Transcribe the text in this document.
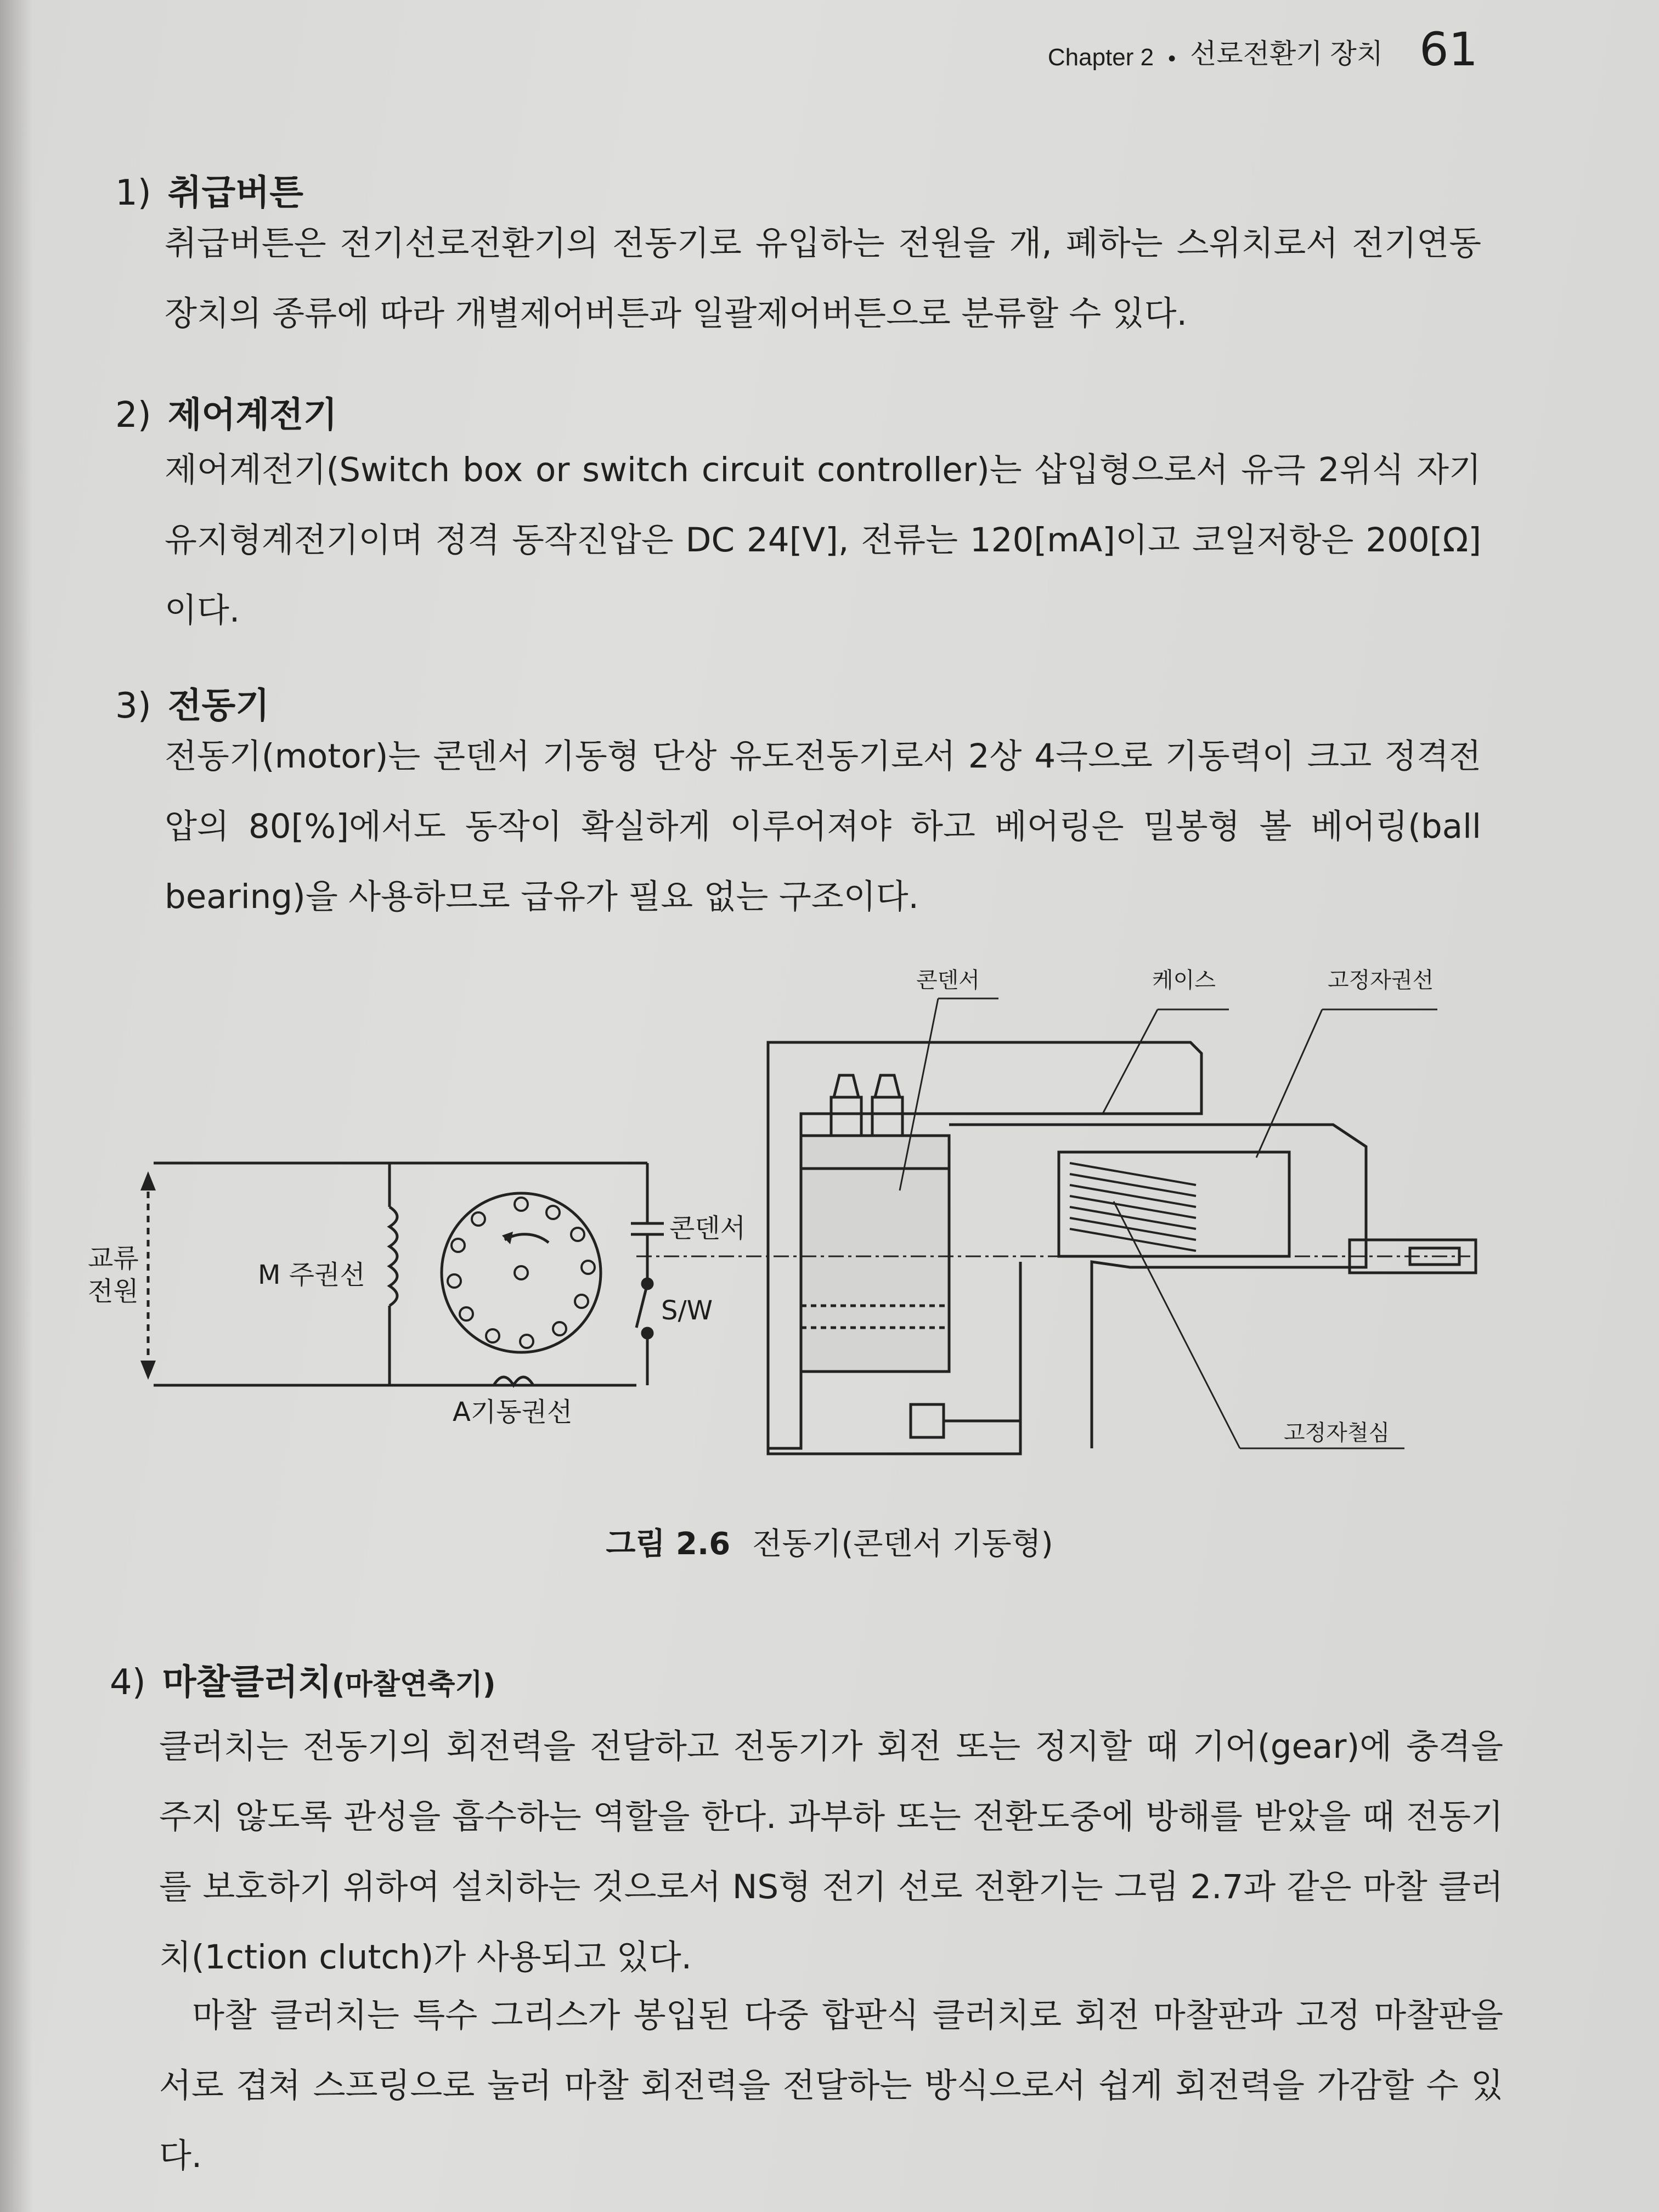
Chapter 2 • 선로전환기 장치 61
1) 취급버튼
취급버튼은 전기선로전환기의 전동기로 유입하는 전원을 개, 폐하는 스위치로서 전기연동장치의 종류에 따라 개별제어버튼과 일괄제어버튼으로 분류할 수 있다.
2) 제어계전기
제어계전기(Switch box or switch circuit controller)는 삽입형으로서 유극 2위식 자기유지형계전기이며 정격 동작진압은 DC 24[V], 전류는 120[mA]이고 코일저항은 200[Ω]이다.
3) 전동기
전동기(motor)는 콘덴서 기동형 단상 유도전동기로서 2상 4극으로 기동력이 크고 정격전압의 80[%]에서도 동작이 확실하게 이루어져야 하고 베어링은 밀봉형 볼 베어링(ball bearing)을 사용하므로 급유가 필요 없는 구조이다.
교류
전원
M 주권선
콘덴서
S/W
A기동권선
콘덴서	케이스	고정자권선
고정자철심
그림 2.6 전동기(콘덴서 기동형)
4) 마찰클러치(마찰연축기)
클러치는 전동기의 회전력을 전달하고 전동기가 회전 또는 정지할 때 기어(gear)에 충격을 주지 않도록 관성을 흡수하는 역할을 한다. 과부하 또는 전환도중에 방해를 받았을 때 전동기를 보호하기 위하여 설치하는 것으로서 NS형 전기 선로 전환기는 그림 2.7과 같은 마찰 클러치(1ction clutch)가 사용되고 있다.
마찰 클러치는 특수 그리스가 봉입된 다중 합판식 클러치로 회전 마찰판과 고정 마찰판을 서로 겹쳐 스프링으로 눌러 마찰 회전력을 전달하는 방식으로서 쉽게 회전력을 가감할 수 있다.
